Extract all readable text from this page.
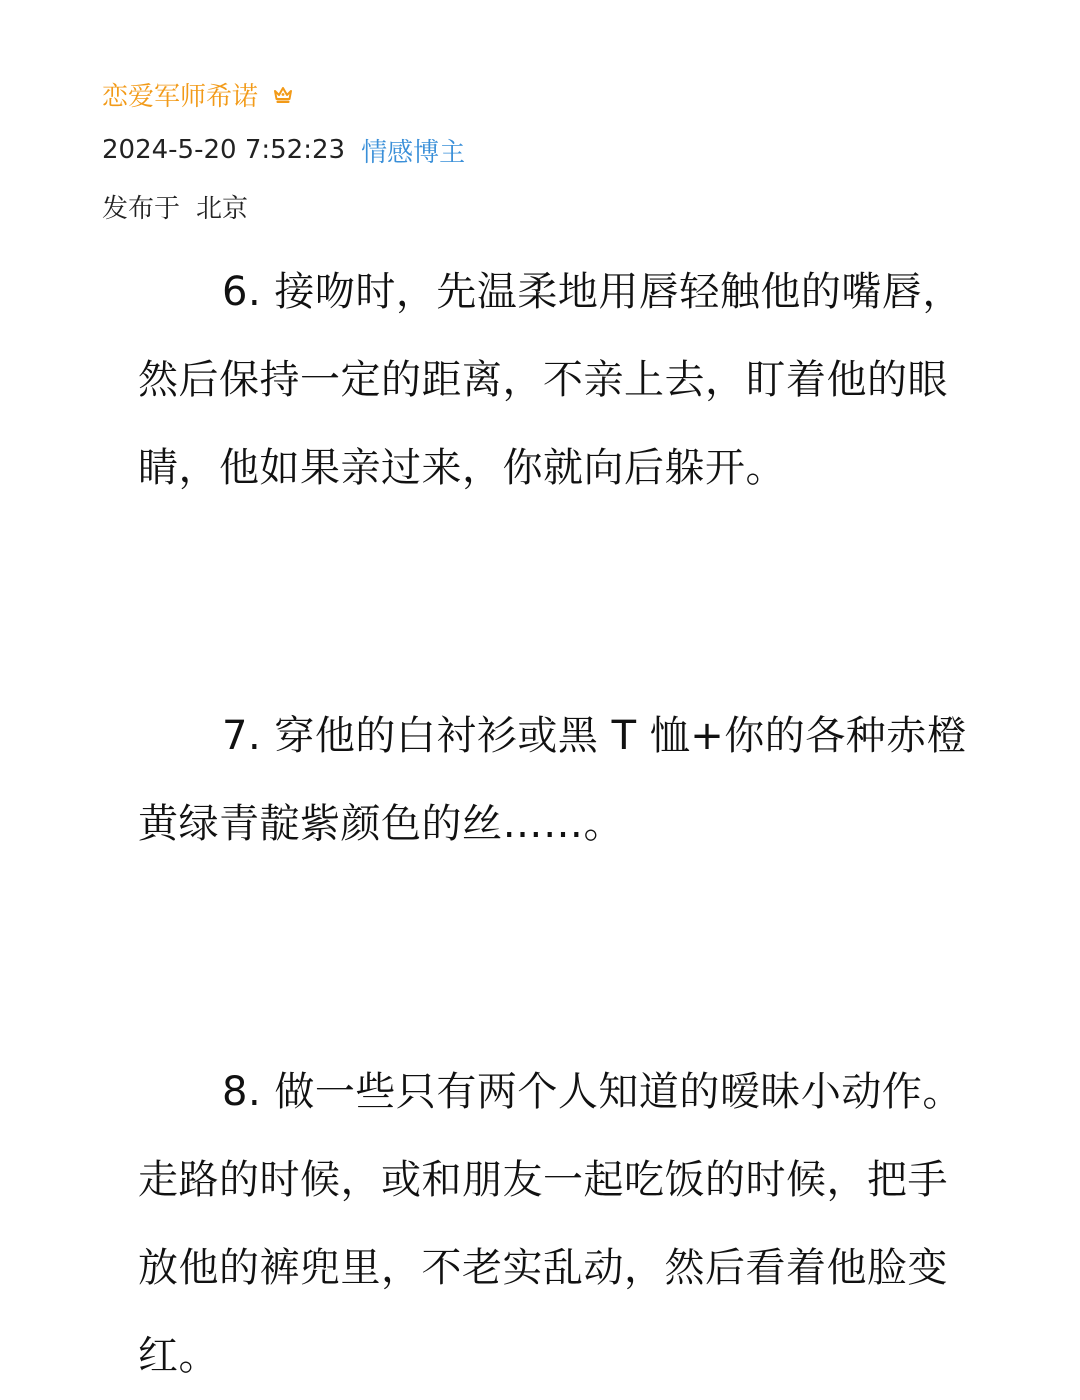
恋爱军师希诺
2024-5-20 7:52:23 情感博主
发布于 北京

6. 接吻时，先温柔地用唇轻触他的嘴唇，然后保持一定的距离，不亲上去，盯着他的眼睛，他如果亲过来，你就向后躲开。

7. 穿他的白衬衫或黑 T 恤+你的各种赤橙黄绿青靛紫颜色的丝……。

8. 做一些只有两个人知道的暧昧小动作。走路的时候，或和朋友一起吃饭的时候，把手放他的裤兜里，不老实乱动，然后看着他脸变红。
